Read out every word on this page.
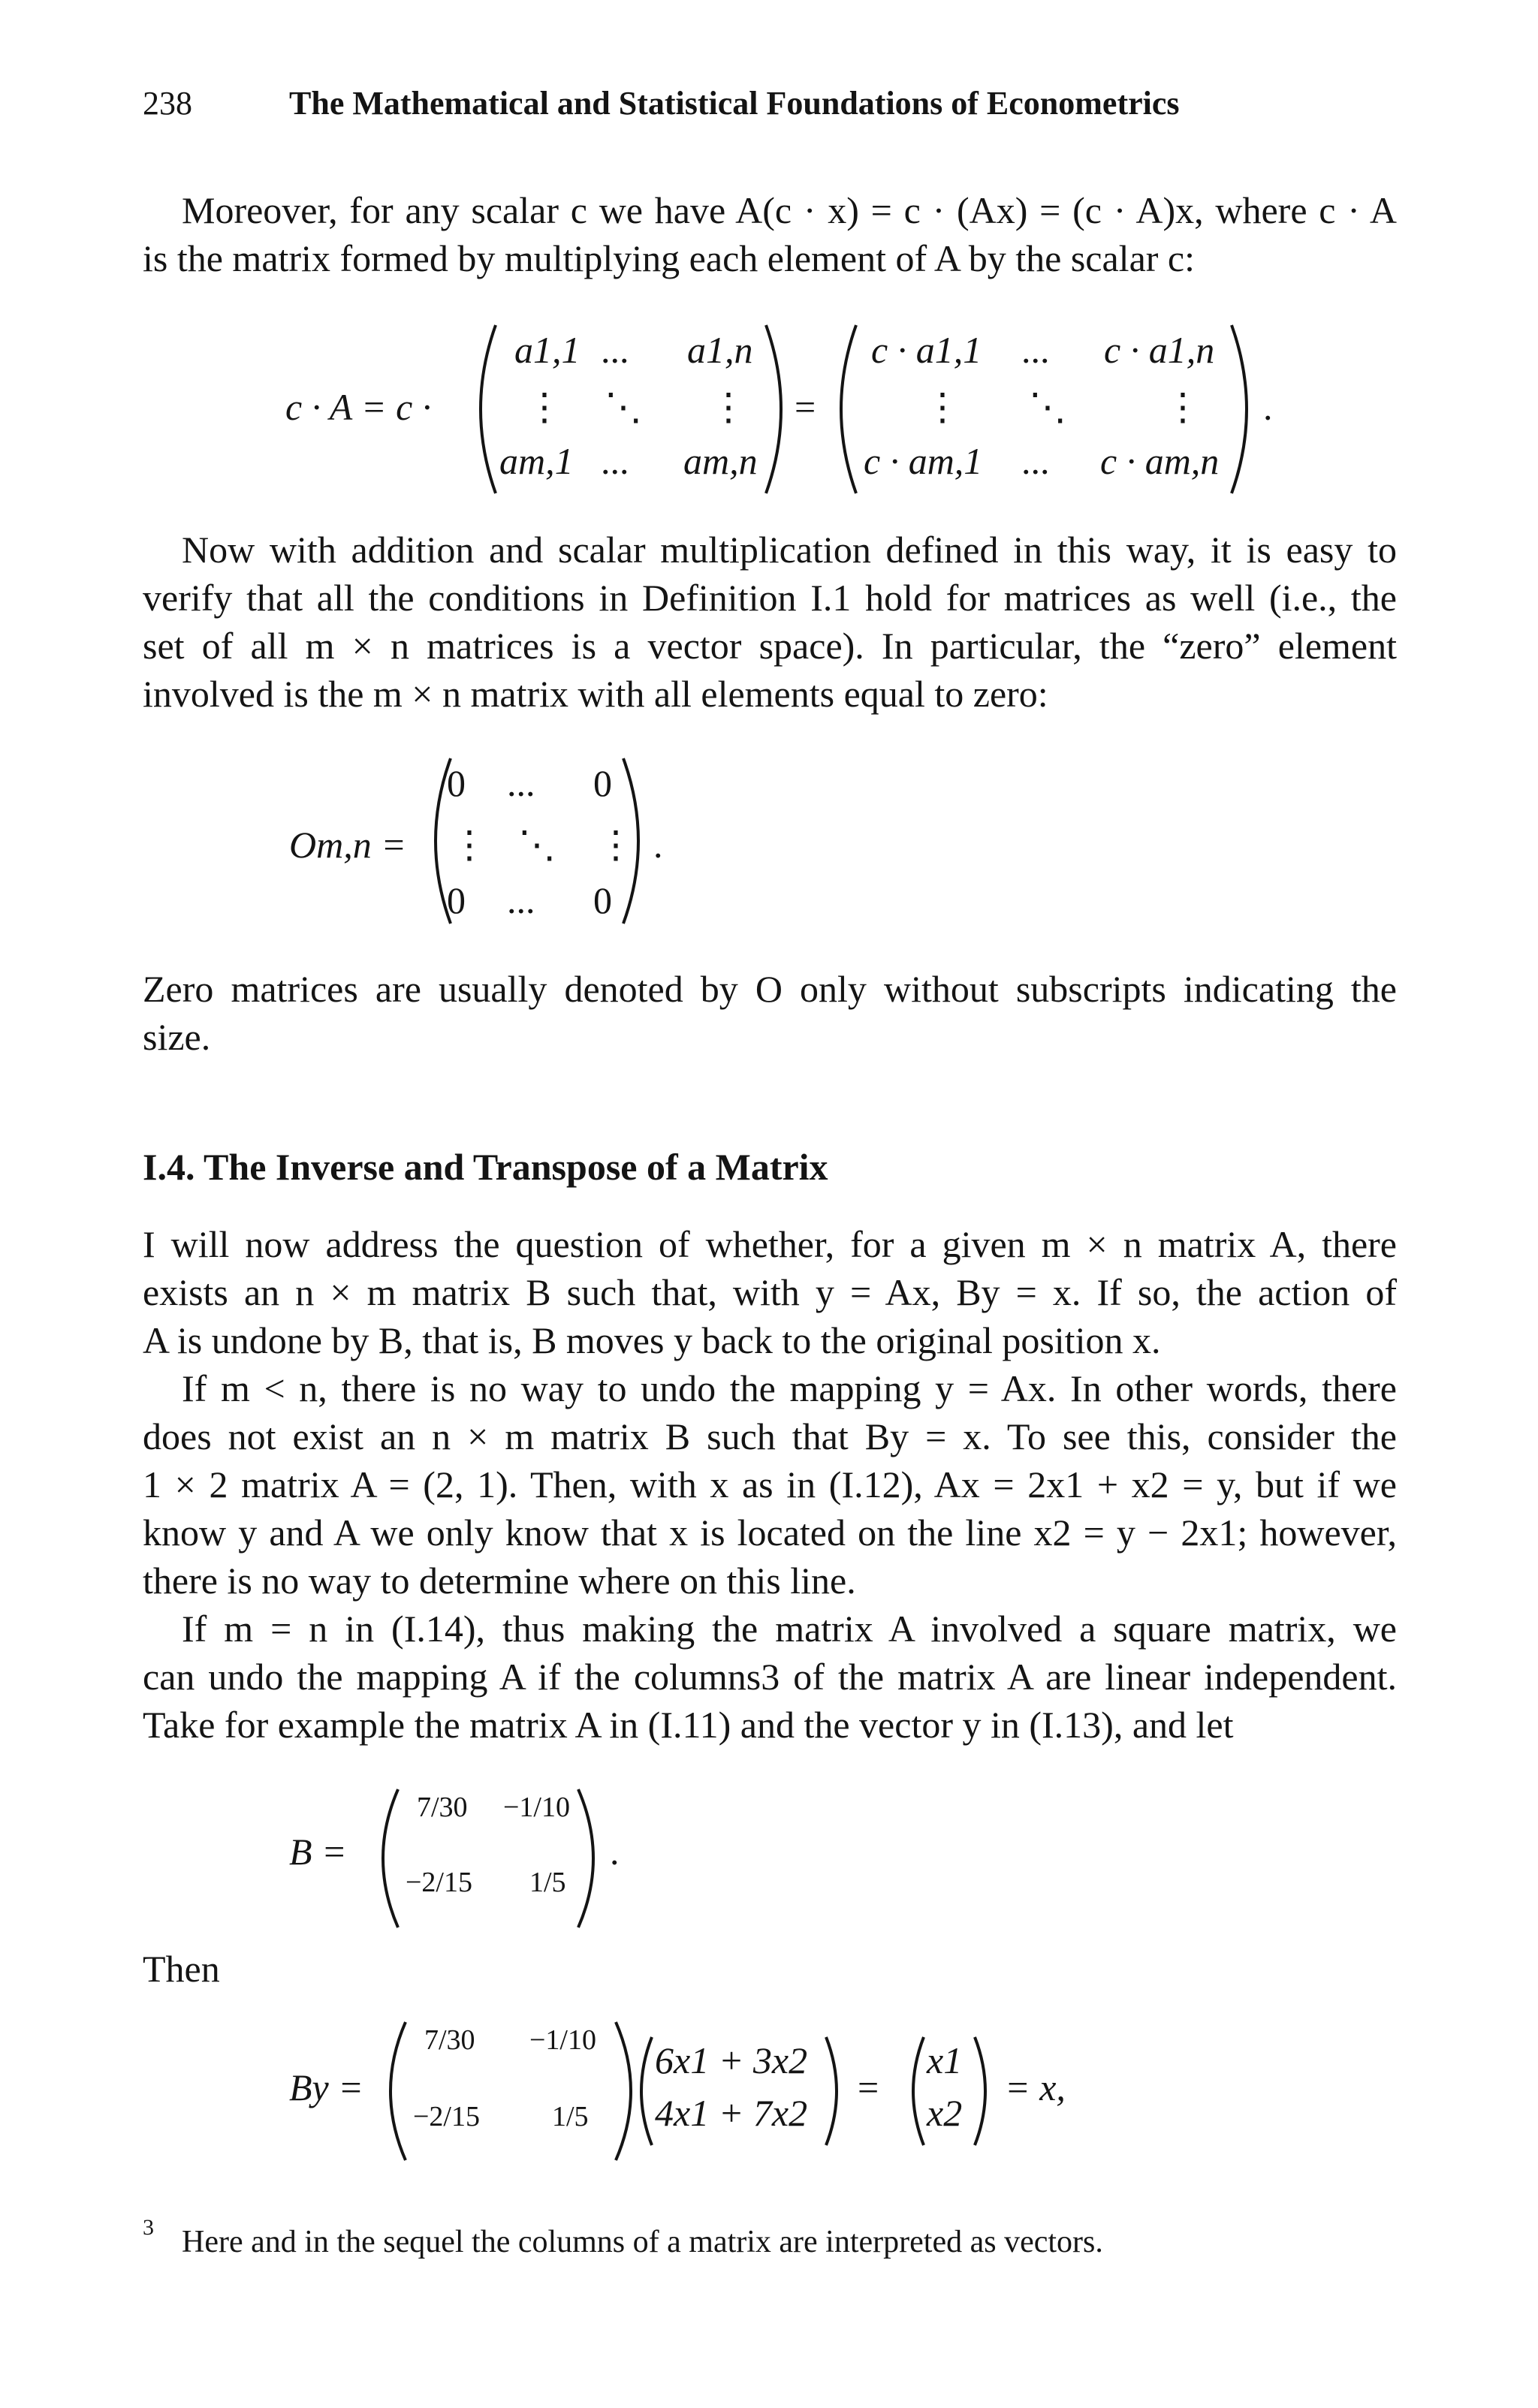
238	The Mathematical and Statistical Foundations of Econometrics
Moreover, for any scalar c we have A(c · x) = c · (Ax) = (c · A)x, where c · A
is the matrix formed by multiplying each element of A by the scalar c:
c · A = c ·
a1,1 ... a1,n
⋮ ⋱ ⋮
am,1 ... am,n
=
c · a1,1 ... c · a1,n
⋮ ⋱	⋮
c · am,1 ... c · am,n
.
Now with addition and scalar multiplication defined in this way, it is easy to
verify that all the conditions in Definition I.1 hold for matrices as well (i.e., the
set of all m × n matrices is a vector space). In particular, the “zero” element
involved is the m × n matrix with all elements equal to zero:
Om,n =
0 ... 0
⋮ ⋱ ⋮
0 ... 0
.
Zero matrices are usually denoted by O only without subscripts indicating the
size.
I.4. The Inverse and Transpose of a Matrix
I will now address the question of whether, for a given m × n matrix A, there
exists an n × m matrix B such that, with y = Ax, By = x. If so, the action of
A is undone by B, that is, B moves y back to the original position x.
If m < n, there is no way to undo the mapping y = Ax. In other words, there
does not exist an n × m matrix B such that By = x. To see this, consider the
1 × 2 matrix A = (2, 1). Then, with x as in (I.12), Ax = 2x1 + x2 = y, but if we
know y and A we only know that x is located on the line x2 = y − 2x1; however,
there is no way to determine where on this line.
If m = n in (I.14), thus making the matrix A involved a square matrix, we
can undo the mapping A if the columns3 of the matrix A are linear independent.
Take for example the matrix A in (I.11) and the vector y in (I.13), and let
B =
7/30 −1/10
−2/15 1/5
.
Then
By =
7/30 −1/10
−2/15	1/5
6x1 + 3x2
4x1 + 7x2
=
x1
x2
= x,
3 Here and in the sequel the columns of a matrix are interpreted as vectors.
